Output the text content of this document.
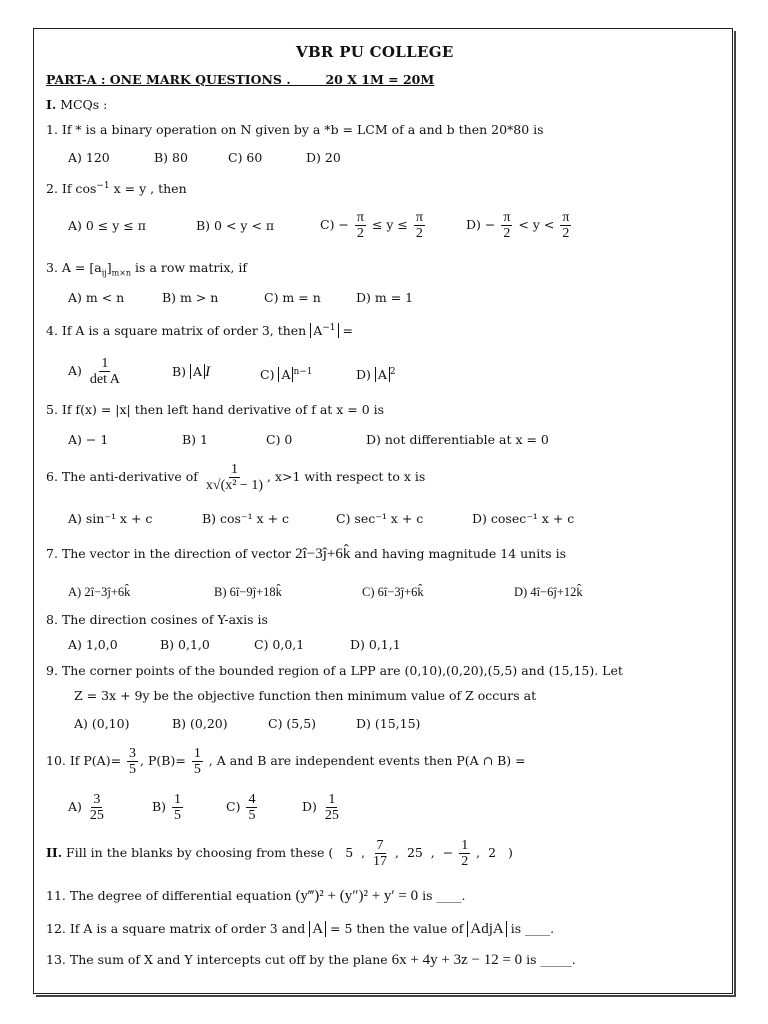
VBR PU COLLEGE
PART-A : ONE MARK QUESTIONS .        20 X 1M = 20M
I. MCQs :
1. If * is a binary operation on N given by a *b = LCM of a and b then 20*80 is
A) 120	B) 80	C) 60	D) 20
2. If $\cos^{-1} x = y$ , then
A) 0 ≤ y ≤ π	B) 0 < y < π	$C) - \frac{\pi}{2} \le y \le \frac{\pi}{2}$	$D) - \frac{\pi}{2} < y < \frac{\pi}{2}$
3. $A = [a_{ij}]_{m\times n}$ is a row matrix, if
A) m < n	B) m > n	C) m = n	D) m = 1
4. If A is a square matrix of order 3, then $A^{-1}$ =
$A) \frac{1}{\text{det A}}$	B) A I	C) A $^{n-1}$	D) A $^2$
5. If f(x) = |x| then left hand derivative of f at x = 0 is
A) − 1	B) 1	C) 0	D) not differentiable at x = 0
6. The anti-derivative of $\frac{1}{\text{x√(x² − 1)}}$ , x>1 with respect to x is
A) sin⁻¹ x + c	B) cos⁻¹ x + c	C) sec⁻¹ x + c	D) cosec⁻¹ x + c
7. The vector in the direction of vector 2î−3ĵ+6k̂ and having magnitude 14 units is
A) 2î−3ĵ+6k̂	B) 6î−9ĵ+18k̂	C) 6î−3ĵ+6k̂	D) 4î−6ĵ+12k̂
8. The direction cosines of Y-axis is
A) 1,0,0	B) 0,1,0	C) 0,0,1	D) 0,1,1
9. The corner points of the bounded region of a LPP are (0,10),(0,20),(5,5) and (15,15). Let
Z = 3x + 9y be the objective function then minimum value of Z occurs at
A) (0,10)	B) (0,20)	C) (5,5)	D) (15,15)
10. If $P(A)= \frac{3}{5}$ , $P(B)= \frac{1}{5}$ , A and B are independent events then P(A ∩ B) =
$A) \frac{3}{25}$	$B) \frac{1}{5}$	$C) \frac{4}{5}$	$D) \frac{1}{25}$
II. Fill in the blanks by choosing from these (   5  , $\frac{7}{17}$ ,  25  ,  − $\frac{1}{2}$ ,  2   )
11. The degree of differential equation (y‴)² + (y″)² + y′ = 0 is ____.
12. If A is a square matrix of order 3 and A = 5 then the value of AdjA is ____.
13. The sum of X and Y intercepts cut off by the plane 6x + 4y + 3z − 12 = 0 is _____.
